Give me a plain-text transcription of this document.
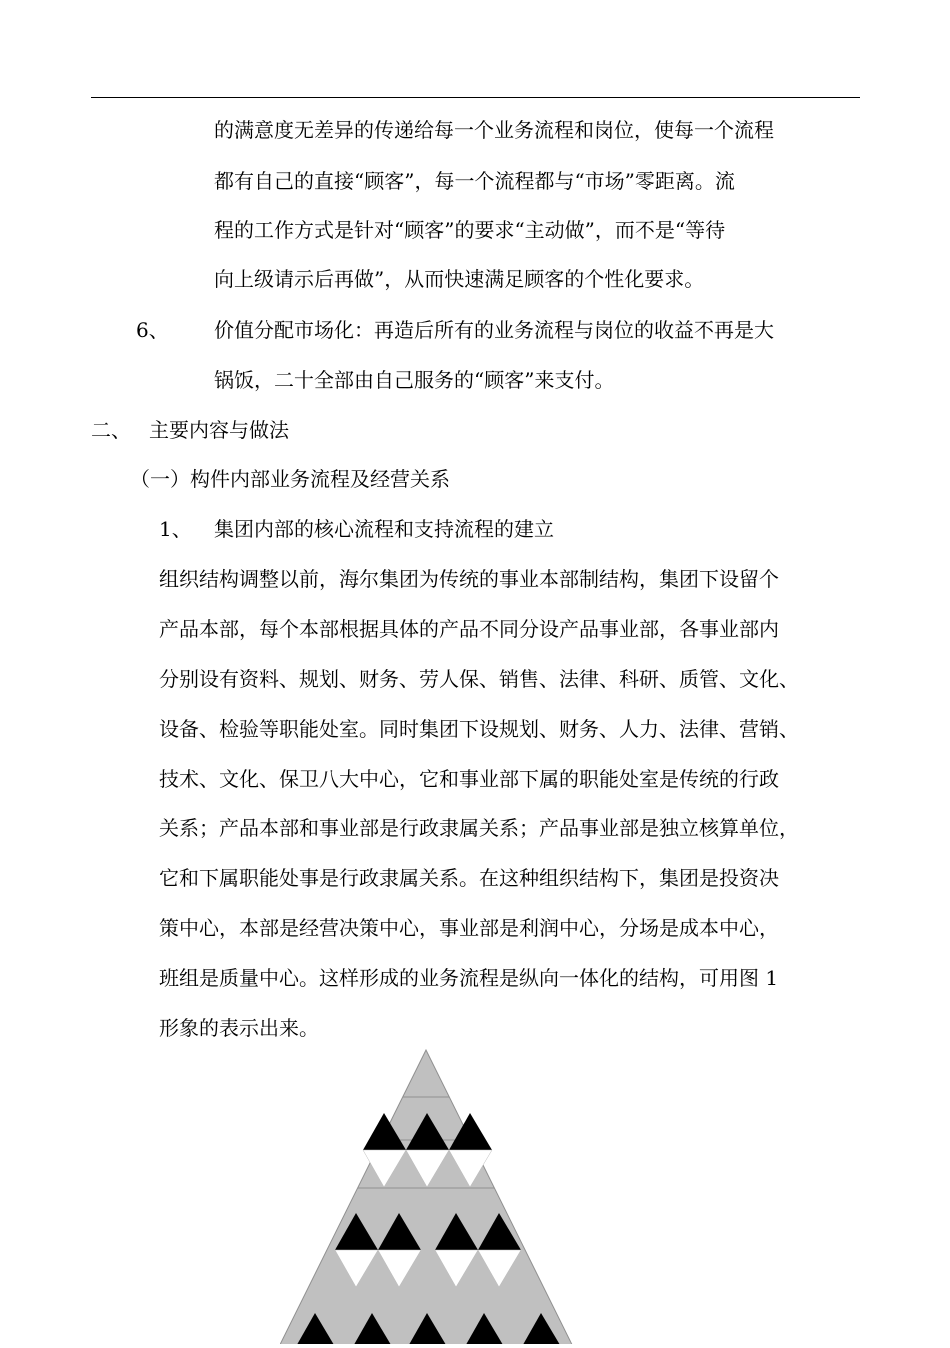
的满意度无差异的传递给每一个业务流程和岗位，使每一个流程
都有自己的直接“顾客”，每一个流程都与“市场”零距离。流
程的工作方式是针对“顾客”的要求“主动做”，而不是“等待
向上级请示后再做”，从而快速满足顾客的个性化要求。
6、 价值分配市场化：再造后所有的业务流程与岗位的收益不再是大
锅饭，二十全部由自己服务的“顾客”来支付。
二、 主要内容与做法
（一）构件内部业务流程及经营关系
1、 集团内部的核心流程和支持流程的建立
组织结构调整以前，海尔集团为传统的事业本部制结构，集团下设留个
产品本部，每个本部根据具体的产品不同分设产品事业部，各事业部内
分别设有资料、规划、财务、劳人保、销售、法律、科研、质管、文化、
设备、检验等职能处室。同时集团下设规划、财务、人力、法律、营销、
技术、文化、保卫八大中心，它和事业部下属的职能处室是传统的行政
关系；产品本部和事业部是行政隶属关系；产品事业部是独立核算单位，
它和下属职能处事是行政隶属关系。在这种组织结构下，集团是投资决
策中心，本部是经营决策中心，事业部是利润中心，分场是成本中心，
班组是质量中心。这样形成的业务流程是纵向一体化的结构，可用图 1
形象的表示出来。
